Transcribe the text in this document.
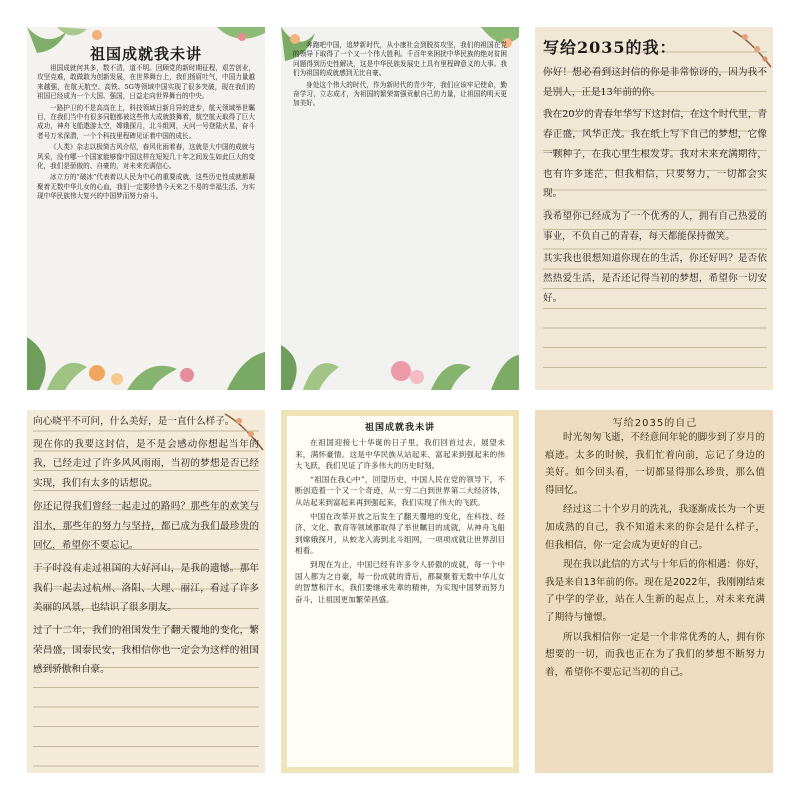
祖国成就我未讲

祖国成就何其多，数不清，道不明。回顾党的新时期征程，艰苦创业，攻坚克难，敢做敢为创新发展，在世界舞台上，我们扬眉吐气，中国力量越来越强，在航天航空、高铁、5G等领域中国实现了很多突破，现在我们的祖国已经成为一个大国、强国，日益走向世界舞台的中央。

一路护卫的不是高高在上，科技领域日新月异的进步，航天领域举世瞩目，在我们当中有很多同胞都被这些伟大成就鼓舞着，航空航天取得了巨大成功，神舟飞船遨游太空，嫦娥探月，北斗组网，天问一号登陆火星，奋斗者号万米深潜，一个个科技里程碑见证着中国的成长。

《人类》杂志以极简古风介绍，春风化雨着春，这就是大中国的成就与风采，没有哪一个国家能够像中国这样在短短几十年之间发生如此巨大的变化，我们是骄傲的、自豪的，对未来充满信心。

冰立方的“破冰”代表着以人民为中心的重要成就，这些历史性成就都凝聚着无数中华儿女的心血，我们一定要珍惜今天来之不易的幸福生活，为实现中华民族伟大复兴的中国梦而努力奋斗。

奔跑吧中国，追梦新时代，从小康社会到脱贫攻坚，我们的祖国在党的领导下取得了一个又一个伟大胜利。千百年来困扰中华民族的绝对贫困问题得到历史性解决，这是中华民族发展史上具有里程碑意义的大事。我们为祖国的成就感到无比自豪。

身处这个伟大的时代，作为新时代的青少年，我们应该牢记使命，勤奋学习，立志成才，为祖国的繁荣富强贡献自己的力量，让祖国的明天更加美好。

写给2035的我：

你好！想必看到这封信的你是非常惊讶的，因为我不是别人，正是13年前的你。

我在20岁的青春年华写下这封信，在这个时代里，青春正盛，风华正茂。我在纸上写下自己的梦想，它像一颗种子，在我心里生根发芽。我对未来充满期待，也有许多迷茫，但我相信，只要努力，一切都会实现。

我希望你已经成为了一个优秀的人，拥有自己热爱的事业，不负自己的青春，每天都能保持微笑。

其实我也很想知道你现在的生活，你还好吗？是否依然热爱生活，是否还记得当初的梦想，希望你一切安好。

向心晓平不可问，什么美好，是一直什么样子。

现在你的我要这封信，是不是会感动你想起当年的我，已经走过了许多风风雨雨，当初的梦想是否已经实现，我们有太多的话想说。

你还记得我们曾经一起走过的路吗？那些年的欢笑与泪水，那些年的努力与坚持，都已成为我们最珍贵的回忆，希望你不要忘记。

于子时没有走过祖国的大好河山，是我的遗憾。那年我们一起去过杭州、洛阳、大理、丽江，看过了许多美丽的风景，也结识了很多朋友。

过了十二年，我们的祖国发生了翻天覆地的变化，繁荣昌盛，国泰民安，我相信你也一定会为这样的祖国感到骄傲和自豪。

祖国成就我未讲

在祖国迎接七十华诞的日子里，我们回首过去，展望未来，满怀豪情。这是中华民族从站起来、富起来到强起来的伟大飞跃，我们见证了许多伟大的历史时刻。

“祖国在我心中”，回望历史，中国人民在党的领导下，不断创造着一个又一个奇迹，从一穷二白到世界第二大经济体，从站起来到富起来再到强起来，我们实现了伟大的飞跃。

中国在改革开放之后发生了翻天覆地的变化，在科技、经济、文化、教育等领域都取得了举世瞩目的成就，从神舟飞船到嫦娥探月，从蛟龙入海到北斗组网，一项项成就让世界刮目相看。

到现在为止，中国已经有许多令人骄傲的成就，每一个中国人都为之自豪，每一份成就的背后，都凝聚着无数中华儿女的智慧和汗水，我们要继承先辈的精神，为实现中国梦而努力奋斗，让祖国更加繁荣昌盛。

写给2035的自己

时光匆匆飞逝，不经意间年轮的脚步到了岁月的痕迹。太多的时候，我们忙着向前，忘记了身边的美好。如今回头看，一切都显得那么珍贵，那么值得回忆。

经过这二十个岁月的洗礼，我逐渐成长为一个更加成熟的自己，我不知道未来的你会是什么样子，但我相信，你一定会成为更好的自己。

现在我以此信的方式与十年后的你相遇：你好，我是来自13年前的你。现在是2022年，我刚刚结束了中学的学业，站在人生新的起点上，对未来充满了期待与憧憬。

所以我相信你一定是一个非常优秀的人，拥有你想要的一切，而我也正在为了我们的梦想不断努力着，希望你不要忘记当初的自己。
